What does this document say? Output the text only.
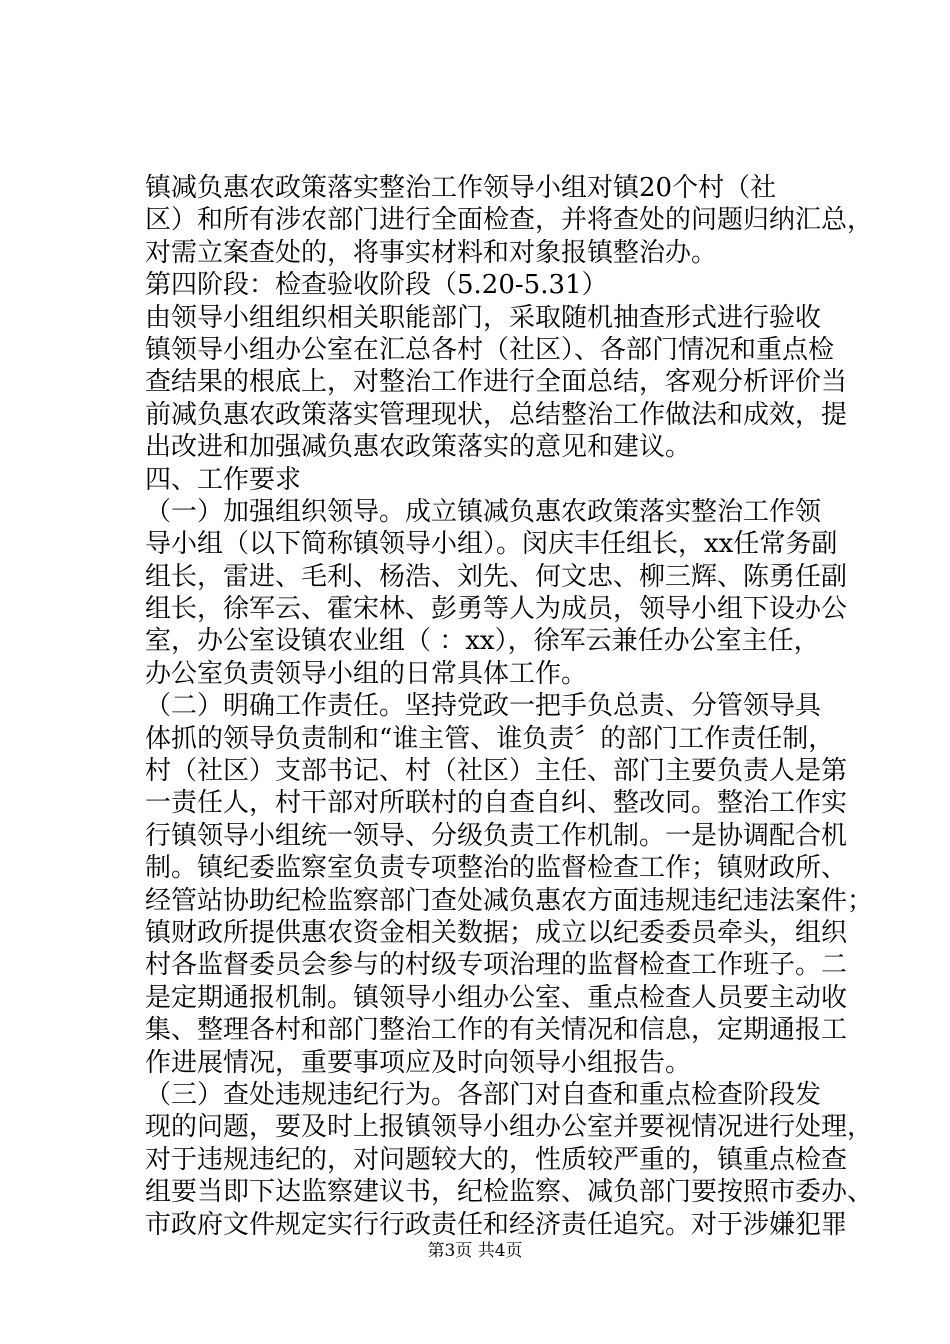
镇减负惠农政策落实整治工作领导小组对镇20个村（社
区）和所有涉农部门进行全面检查，并将查处的问题归纳汇总，
对需立案查处的，将事实材料和对象报镇整治办。
第四阶段：检查验收阶段（5.20-5.31）
由领导小组组织相关职能部门，采取随机抽查形式进行验收
镇领导小组办公室在汇总各村（社区）、各部门情况和重点检
查结果的根底上，对整治工作进行全面总结，客观分析评价当
前减负惠农政策落实管理现状，总结整治工作做法和成效，提
出改进和加强减负惠农政策落实的意见和建议。
四、工作要求
（一）加强组织领导。成立镇减负惠农政策落实整治工作领
导小组（以下简称镇领导小组）。闵庆丰任组长，xx任常务副
组长，雷进、毛利、杨浩、刘先、何文忠、柳三辉、陈勇任副
组长，徐军云、霍宋林、彭勇等人为成员，领导小组下设办公
室，办公室设镇农业组（ ：xx），徐军云兼任办公室主任，
办公室负责领导小组的日常具体工作。
（二）明确工作责任。坚持党政一把手负总责、分管领导具
体抓的领导负责制和“谁主管、谁负责〞的部门工作责任制，
村（社区）支部书记、村（社区）主任、部门主要负责人是第
一责任人，村干部对所联村的自查自纠、整改同。整治工作实
行镇领导小组统一领导、分级负责工作机制。一是协调配合机
制。镇纪委监察室负责专项整治的监督检查工作；镇财政所、
经管站协助纪检监察部门查处减负惠农方面违规违纪违法案件；
镇财政所提供惠农资金相关数据；成立以纪委委员牵头，组织
村各监督委员会参与的村级专项治理的监督检查工作班子。二
是定期通报机制。镇领导小组办公室、重点检查人员要主动收
集、整理各村和部门整治工作的有关情况和信息，定期通报工
作进展情况，重要事项应及时向领导小组报告。
（三）查处违规违纪行为。各部门对自查和重点检查阶段发
现的问题，要及时上报镇领导小组办公室并要视情况进行处理，
对于违规违纪的，对问题较大的，性质较严重的，镇重点检查
组要当即下达监察建议书，纪检监察、减负部门要按照市委办、
市政府文件规定实行行政责任和经济责任追究。对于涉嫌犯罪
第3页 共4页
